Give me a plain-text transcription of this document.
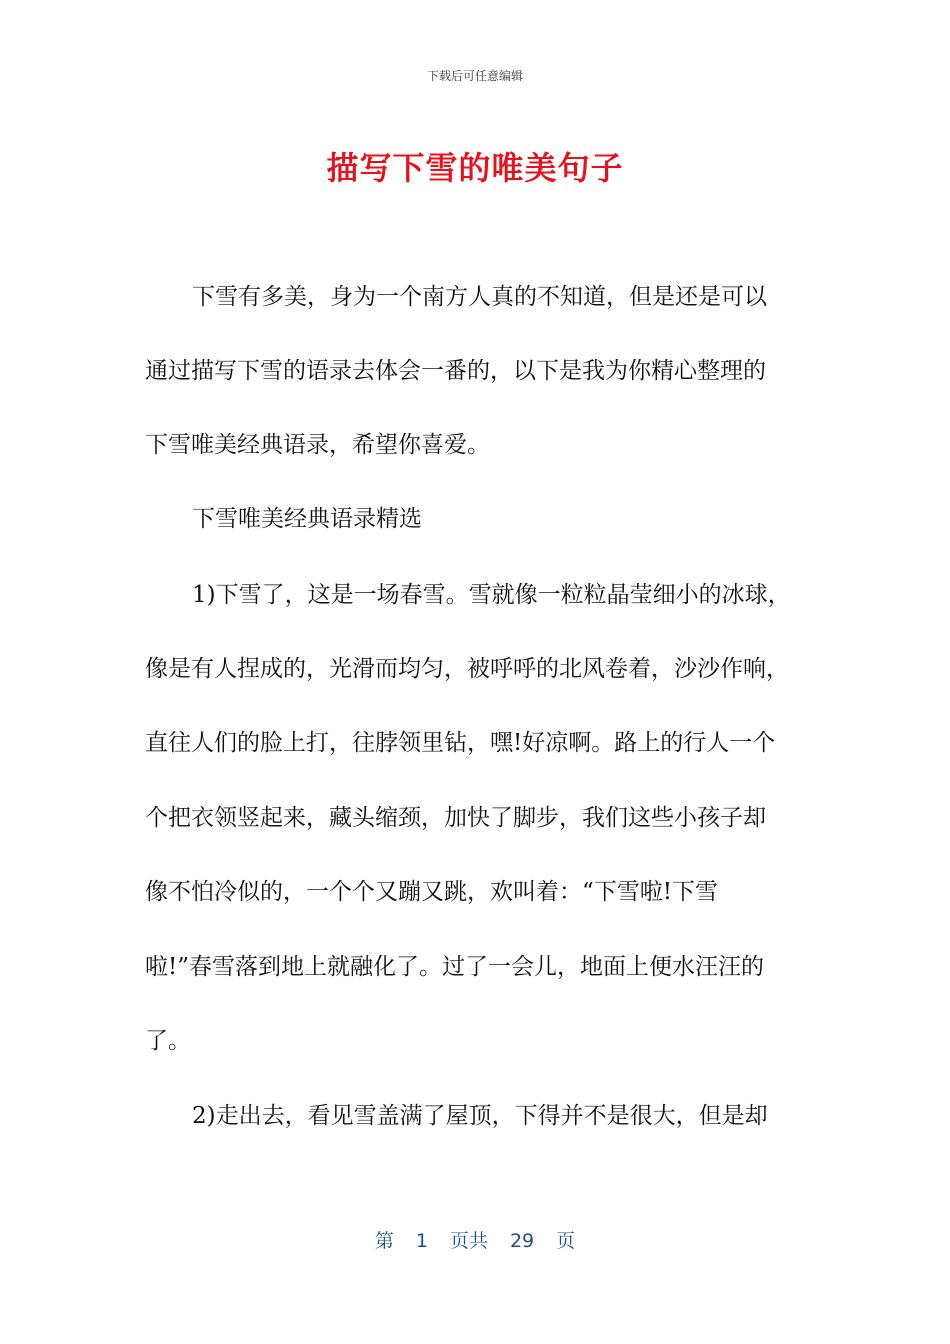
下载后可任意编辑
描写下雪的唯美句子
下雪有多美，身为一个南方人真的不知道，但是还是可以
通过描写下雪的语录去体会一番的，以下是我为你精心整理的
下雪唯美经典语录，希望你喜爱。
下雪唯美经典语录精选
1)下雪了，这是一场春雪。雪就像一粒粒晶莹细小的冰球，
像是有人捏成的，光滑而均匀，被呼呼的北风卷着，沙沙作响，
直往人们的脸上打，往脖领里钻，嘿!好凉啊。路上的行人一个
个把衣领竖起来，藏头缩颈，加快了脚步，我们这些小孩子却
像不怕冷似的，一个个又蹦又跳，欢叫着：“下雪啦!下雪
啦!”春雪落到地上就融化了。过了一会儿，地面上便水汪汪的
了。
2)走出去，看见雪盖满了屋顶，下得并不是很大，但是却
第 1 页共 29 页
